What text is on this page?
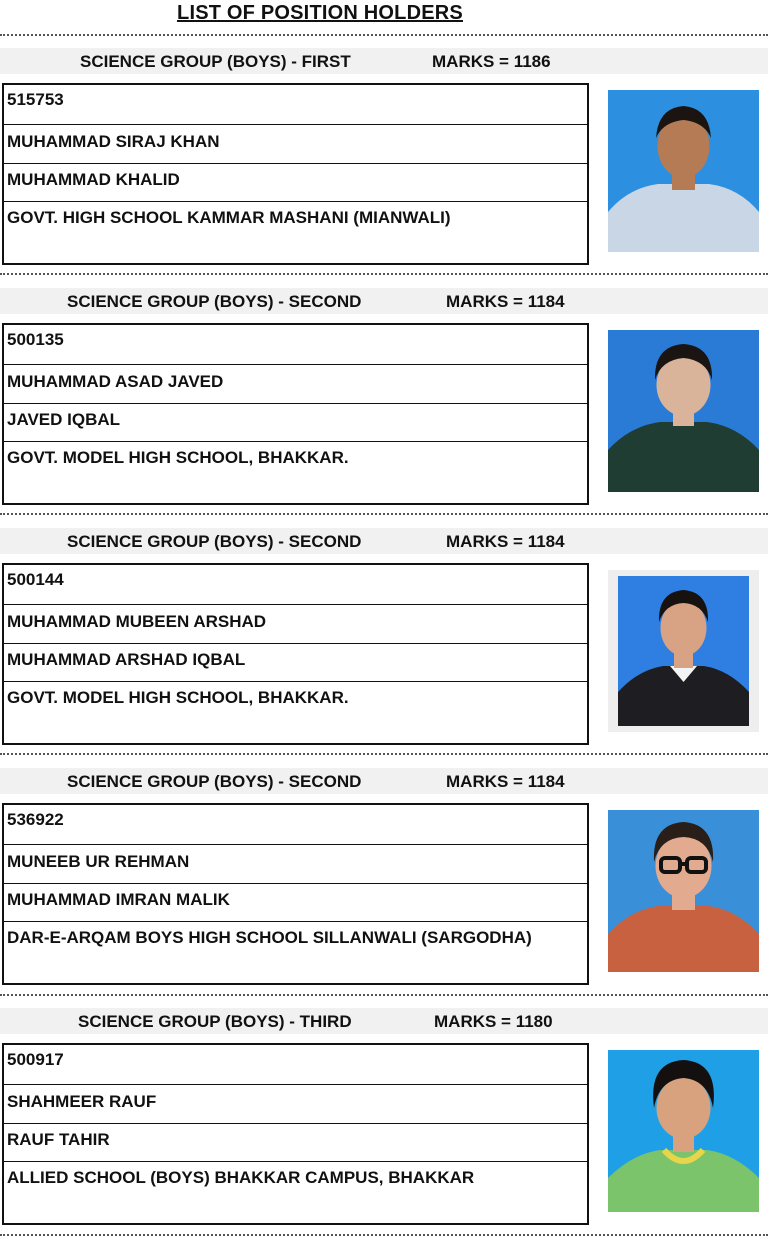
LIST OF POSITION HOLDERS
SCIENCE GROUP (BOYS) - FIRST	MARKS = 1186
515753
MUHAMMAD SIRAJ KHAN
MUHAMMAD KHALID
GOVT. HIGH SCHOOL KAMMAR MASHANI (MIANWALI)
SCIENCE GROUP (BOYS) - SECOND	MARKS = 1184
500135
MUHAMMAD ASAD JAVED
JAVED IQBAL
GOVT. MODEL HIGH SCHOOL, BHAKKAR.
SCIENCE GROUP (BOYS) - SECOND	MARKS = 1184
500144
MUHAMMAD MUBEEN ARSHAD
MUHAMMAD ARSHAD IQBAL
GOVT. MODEL HIGH SCHOOL, BHAKKAR.
SCIENCE GROUP (BOYS) - SECOND	MARKS = 1184
536922
MUNEEB UR REHMAN
MUHAMMAD IMRAN MALIK
DAR-E-ARQAM BOYS HIGH SCHOOL SILLANWALI (SARGODHA)
SCIENCE GROUP (BOYS) - THIRD	MARKS = 1180
500917
SHAHMEER RAUF
RAUF TAHIR
ALLIED SCHOOL (BOYS) BHAKKAR CAMPUS, BHAKKAR
